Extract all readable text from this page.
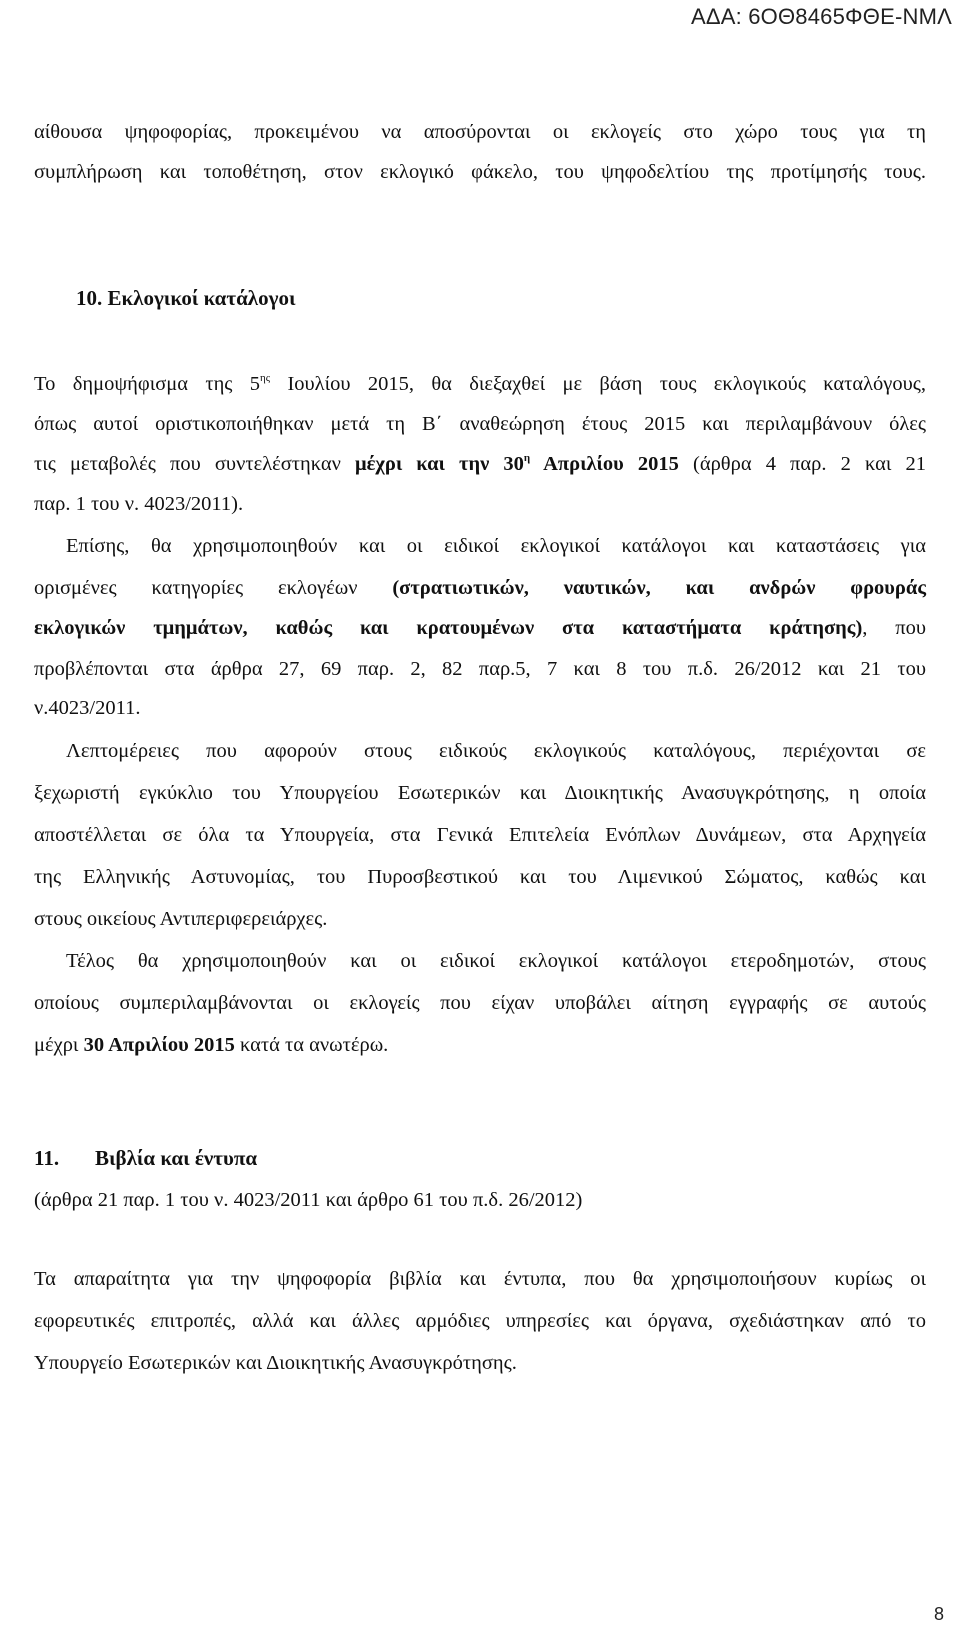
ΑΔΑ: 6ΟΘ8465ΦΘΕ-ΝΜΛ
αίθουσα ψηφοφορίας, προκειμένου να αποσύρονται οι εκλογείς στο χώρο τους για τη
συμπλήρωση και τοποθέτηση, στον εκλογικό φάκελο, του ψηφοδελτίου της προτίμησής τους.
10. Εκλογικοί κατάλογοι
Το δημοψήφισμα της $5^{\eta\varsigma}$ Ιουλίου 2015, θα διεξαχθεί με βάση τους εκλογικούς καταλόγους,
όπως αυτοί οριστικοποιήθηκαν μετά τη Β΄ αναθεώρηση έτους 2015 και περιλαμβάνουν όλες
τις μεταβολές που συντελέστηκαν μέχρι και την $30^\eta$ Απριλίου 2015 (άρθρα 4 παρ. 2 και 21
παρ. 1 του ν. 4023/2011).
Επίσης, θα χρησιμοποιηθούν και οι ειδικοί εκλογικοί κατάλογοι και καταστάσεις για
ορισμένες κατηγορίες εκλογέων (στρατιωτικών, ναυτικών, και ανδρών φρουράς
εκλογικών τμημάτων, καθώς και κρατουμένων στα καταστήματα κράτησης), που
προβλέπονται στα άρθρα 27, 69 παρ. 2, 82 παρ.5, 7 και 8 του π.δ. 26/2012 και 21 του
ν.4023/2011.
Λεπτομέρειες που αφορούν στους ειδικούς εκλογικούς καταλόγους, περιέχονται σε
ξεχωριστή εγκύκλιο του Υπουργείου Εσωτερικών και Διοικητικής Ανασυγκρότησης, η οποία
αποστέλλεται σε όλα τα Υπουργεία, στα Γενικά Επιτελεία Ενόπλων Δυνάμεων, στα Αρχηγεία
της Ελληνικής Αστυνομίας, του Πυροσβεστικού και του Λιμενικού Σώματος, καθώς και
στους οικείους Αντιπεριφερειάρχες.
Τέλος θα χρησιμοποιηθούν και οι ειδικοί εκλογικοί κατάλογοι ετεροδημοτών, στους
οποίους συμπεριλαμβάνονται οι εκλογείς που είχαν υποβάλει αίτηση εγγραφής σε αυτούς
μέχρι 30 Απριλίου 2015 κατά τα ανωτέρω.
11. Βιβλία και έντυπα
(άρθρα 21 παρ. 1 του ν. 4023/2011 και άρθρο 61 του π.δ. 26/2012)
Τα απαραίτητα για την ψηφοφορία βιβλία και έντυπα, που θα χρησιμοποιήσουν κυρίως οι
εφορευτικές επιτροπές, αλλά και άλλες αρμόδιες υπηρεσίες και όργανα, σχεδιάστηκαν από το
Υπουργείο Εσωτερικών και Διοικητικής Ανασυγκρότησης.
8
